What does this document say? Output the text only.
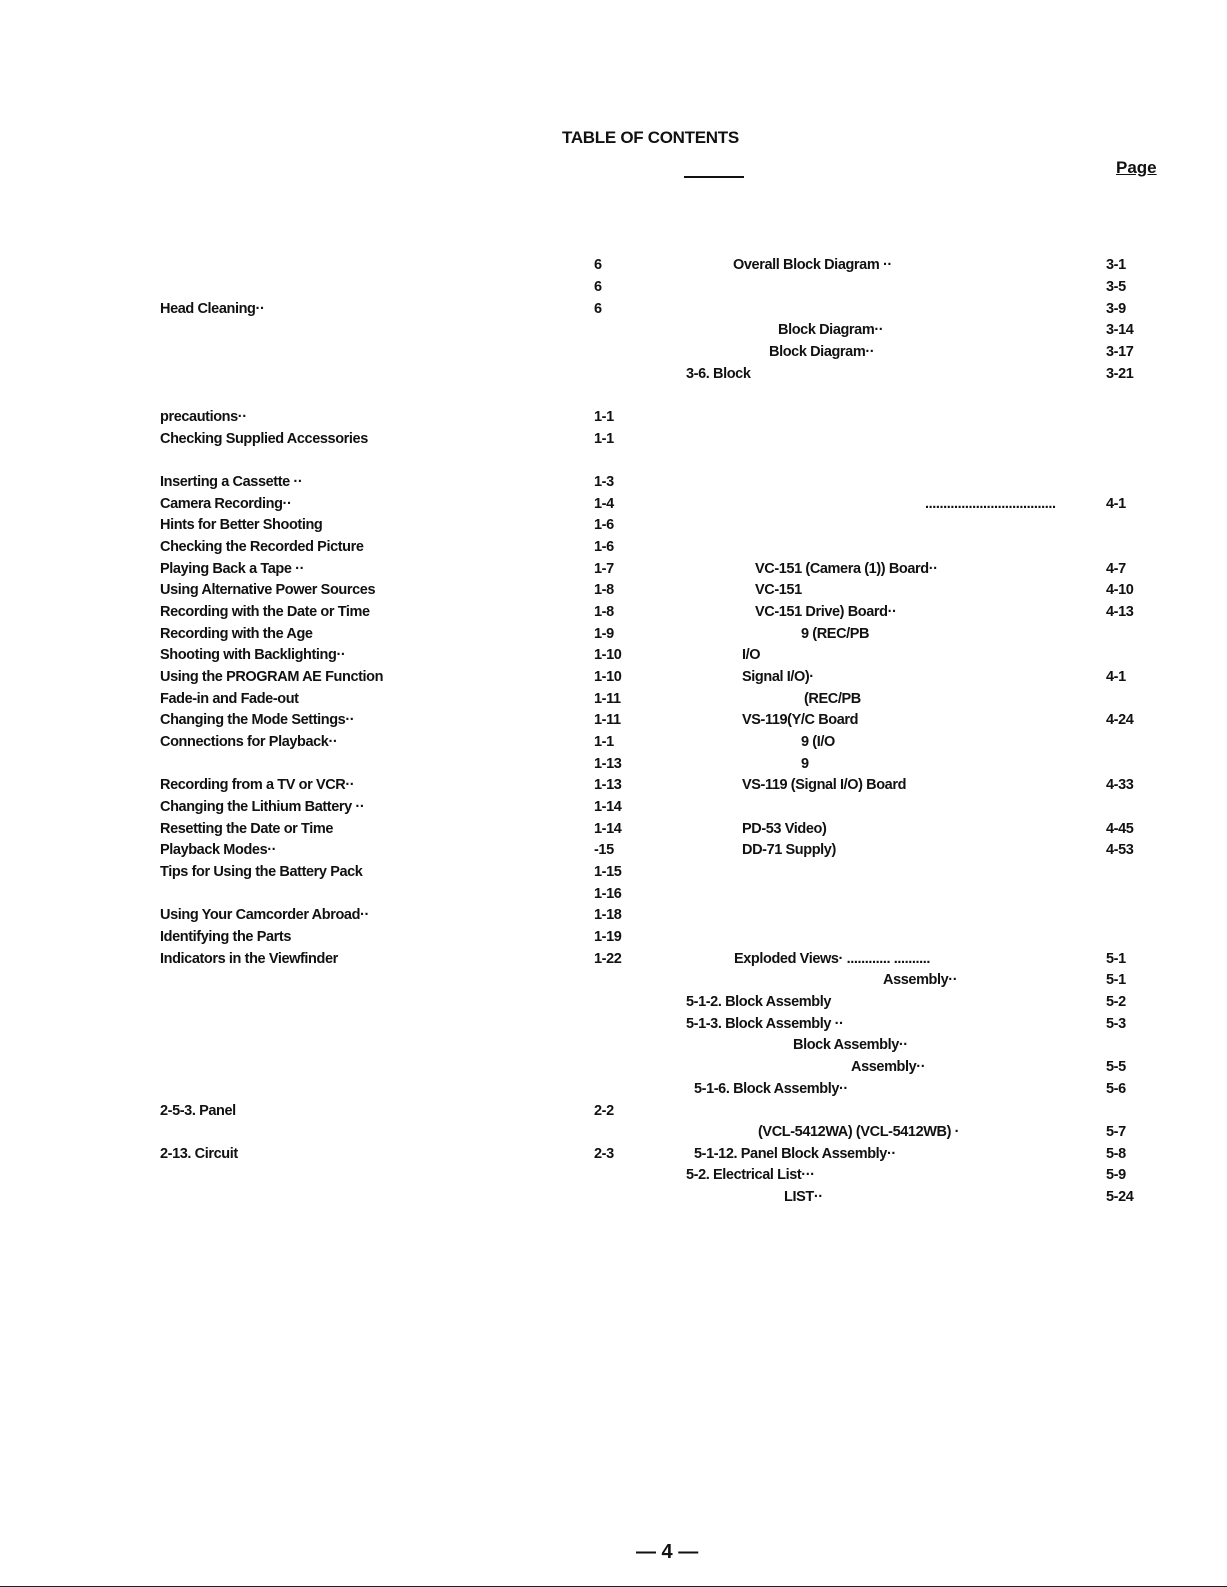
TABLE OF CONTENTS
Page
6
6
Head Cleaning··	6
precautions··	1-1
Checking Supplied Accessories	1-1
Inserting a Cassette ··	1-3
Camera Recording··	1-4
Hints for Better Shooting	1-6
Checking the Recorded Picture	1-6
Playing Back a Tape ··	1-7
Using Alternative Power Sources	1-8
Recording with the Date or Time	1-8
Recording with the Age	1-9
Shooting with Backlighting··	1-10
Using the PROGRAM AE Function	1-10
Fade-in and Fade-out	1-11
Changing the Mode Settings··	1-11
Connections for Playback··	1-1
1-13
Recording from a TV or VCR··	1-13
Changing the Lithium Battery ··	1-14
Resetting the Date or Time	1-14
Playback Modes··	-15
Tips for Using the Battery Pack	1-15
1-16
Using Your Camcorder Abroad··	1-18
Identifying the Parts	1-19
Indicators in the Viewfinder	1-22
2-5-3. Panel	2-2
2-13. Circuit	2-3
Overall Block Diagram ··	3-1
3-5
3-9
Block Diagram··	3-14
Block Diagram··	3-17
3-6. Block	3-21
....................................	4-1
VC-151 (Camera (1)) Board··	4-7
VC-151	4-10
VC-151 Drive) Board··	4-13
9 (REC/PB
I/O
Signal I/O)·	4-1
(REC/PB
VS-119(Y/C Board	4-24
9 (I/O
9
VS-119 (Signal I/O) Board	4-33
PD-53 Video)	4-45
DD-71 Supply)	4-53
Exploded Views· ............ ..........	5-1
Assembly··	5-1
5-1-2. Block Assembly	5-2
5-1-3. Block Assembly ··	5-3
Block Assembly··
Assembly··	5-5
5-1-6. Block Assembly··	5-6
(VCL-5412WA) (VCL-5412WB) ·	5-7
5-1-12. Panel Block Assembly··	5-8
5-2. Electrical List···	5-9
LIST··	5-24
— 4 —
